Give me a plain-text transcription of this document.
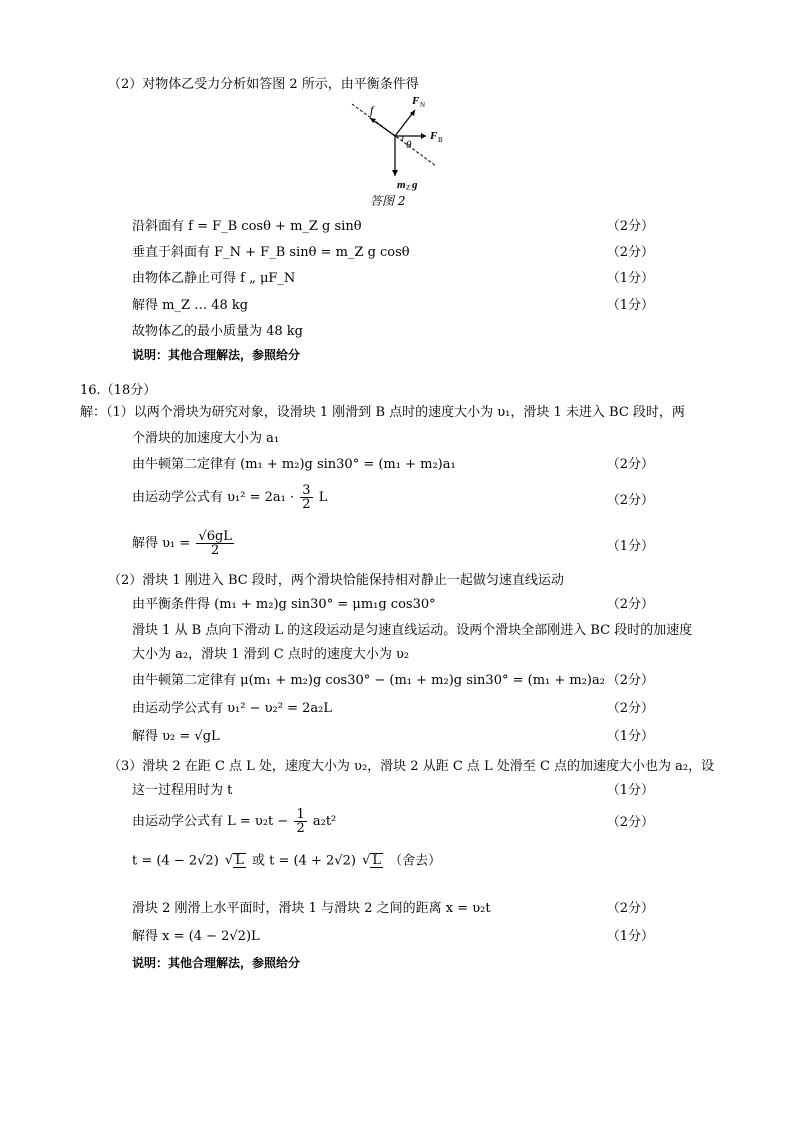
（2）对物体乙受力分析如答图 2 所示，由平衡条件得
f
F N
F B
θ
m Z g
答图 2
沿斜面有 f = F_B cosθ + m_Z g sinθ	（2分）
垂直于斜面有 F_N + F_B sinθ = m_Z g cosθ	（2分）
由物体乙静止可得 f „ μF_N	（1分）
解得 m_Z … 48 kg	（1分）
故物体乙的最小质量为 48 kg
说明：其他合理解法，参照给分
16.（18分）
解：（1）以两个滑块为研究对象，设滑块 1 刚滑到 B 点时的速度大小为 υ₁，滑块 1 未进入 BC 段时，两
个滑块的加速度大小为 a₁
由牛顿第二定律有 (m₁ + m₂)g sin30° = (m₁ + m₂)a₁	（2分）
由运动学公式有 $\upsilon_1^2 = 2a_1 \cdot \frac{3}{2}$ L	（2分）
解得 $\upsilon_1 = \frac{√6gL}{2}$	（1分）
（2）滑块 1 刚进入 BC 段时，两个滑块恰能保持相对静止一起做匀速直线运动
由平衡条件得 (m₁ + m₂)g sin30° = μm₁g cos30°	（2分）
滑块 1 从 B 点向下滑动 L 的这段运动是匀速直线运动。设两个滑块全部刚进入 BC 段时的加速度
大小为 a₂，滑块 1 滑到 C 点时的速度大小为 υ₂
由牛顿第二定律有 μ(m₁ + m₂)g cos30° − (m₁ + m₂)g sin30° = (m₁ + m₂)a₂ （2分）
由运动学公式有 υ₁² − υ₂² = 2a₂L	（2分）
解得 υ₂ = √gL	（1分）
（3）滑块 2 在距 C 点 L 处，速度大小为 υ₂，滑块 2 从距 C 点 L 处滑至 C 点的加速度大小也为 a₂，设
这一过程用时为 t	（1分）
由运动学公式有 $L = \upsilon_2t - \frac{1}{2} a_2t^2$	（2分）
t = (4 − 2√2) √ L 或 t = (4 + 2√2) √ L （舍去）
滑块 2 刚滑上水平面时，滑块 1 与滑块 2 之间的距离 x = υ₂t	（2分）
解得 x = (4 − 2√2)L	（1分）
说明：其他合理解法，参照给分
